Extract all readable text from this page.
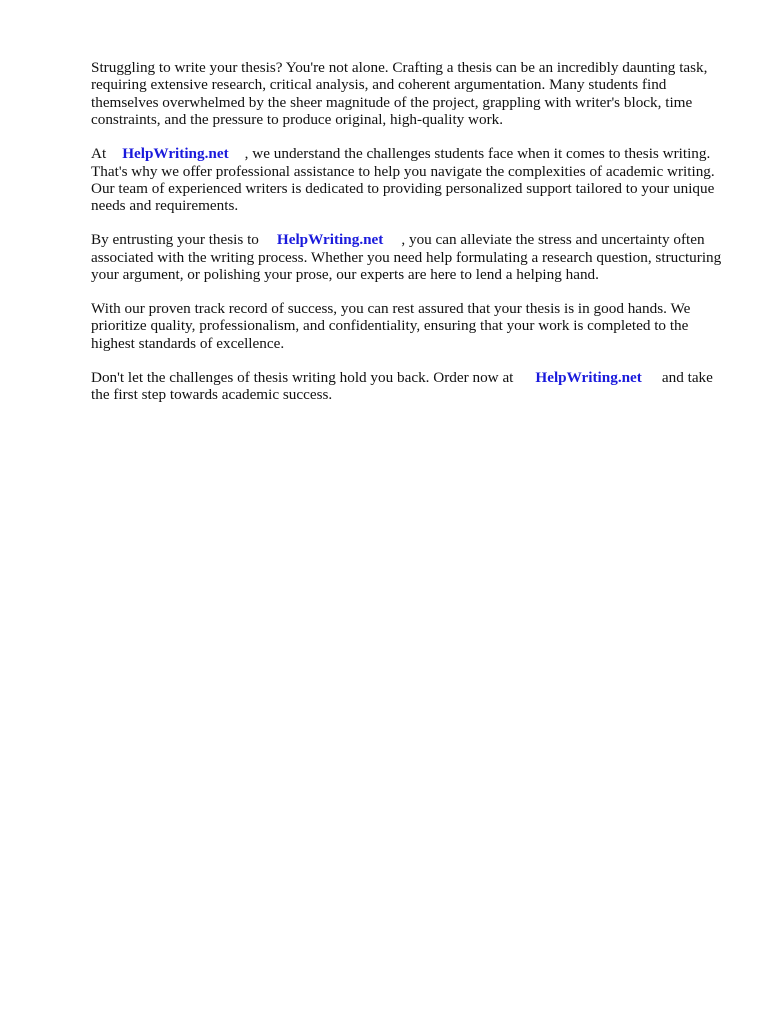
Struggling to write your thesis? You're not alone. Crafting a thesis can be an incredibly daunting task, requiring extensive research, critical analysis, and coherent argumentation. Many students find themselves overwhelmed by the sheer magnitude of the project, grappling with writer's block, time constraints, and the pressure to produce original, high-quality work.

At HelpWriting.net , we understand the challenges students face when it comes to thesis writing. That's why we offer professional assistance to help you navigate the complexities of academic writing. Our team of experienced writers is dedicated to providing personalized support tailored to your unique needs and requirements.

By entrusting your thesis to HelpWriting.net , you can alleviate the stress and uncertainty often associated with the writing process. Whether you need help formulating a research question, structuring your argument, or polishing your prose, our experts are here to lend a helping hand.

With our proven track record of success, you can rest assured that your thesis is in good hands. We prioritize quality, professionalism, and confidentiality, ensuring that your work is completed to the highest standards of excellence.

Don't let the challenges of thesis writing hold you back. Order now at HelpWriting.net and take the first step towards academic success.
